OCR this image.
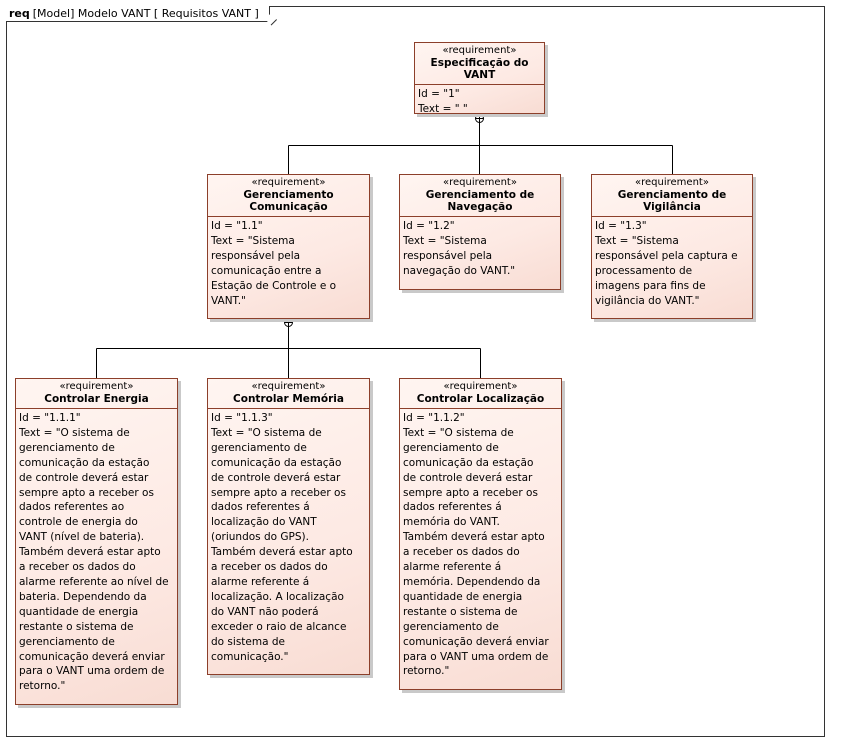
req [Model] Modelo VANT [ Requisitos VANT ]
«requirement»
Especificação do VANT
Id = "1"
Text = " "
«requirement»
Gerenciamento
Comunicação
Id = "1.1"
Text = "Sistema
responsável pela
comunicação entre a
Estação de Controle e o
VANT."
«requirement»
Gerenciamento de
Navegação
Id = "1.2"
Text = "Sistema
responsável pela
navegação do VANT."
«requirement»
Gerenciamento de
Vigilância
Id = "1.3"
Text = "Sistema
responsável pela captura e
processamento de
imagens para fins de
vigilância do VANT."
«requirement»
Controlar Energia
Id = "1.1.1"
Text = "O sistema de
gerenciamento de
comunicação da estação
de controle deverá estar
sempre apto a receber os
dados referentes ao
controle de energia do
VANT (nível de bateria).
Também deverá estar apto
a receber os dados do
alarme referente ao nível de
bateria. Dependendo da
quantidade de energia
restante o sistema de
gerenciamento de
comunicação deverá enviar
para o VANT uma ordem de
retorno."
«requirement»
Controlar Memória
Id = "1.1.3"
Text = "O sistema de
gerenciamento de
comunicação da estação
de controle deverá estar
sempre apto a receber os
dados referentes á
localização do VANT
(oriundos do GPS).
Também deverá estar apto
a receber os dados do
alarme referente á
localização. A localização
do VANT não poderá
exceder o raio de alcance
do sistema de
comunicação."
«requirement»
Controlar Localização
Id = "1.1.2"
Text = "O sistema de
gerenciamento de
comunicação da estação
de controle deverá estar
sempre apto a receber os
dados referentes á
memória do VANT.
Também deverá estar apto
a receber os dados do
alarme referente á
memória. Dependendo da
quantidade de energia
restante o sistema de
gerenciamento de
comunicação deverá enviar
para o VANT uma ordem de
retorno."
